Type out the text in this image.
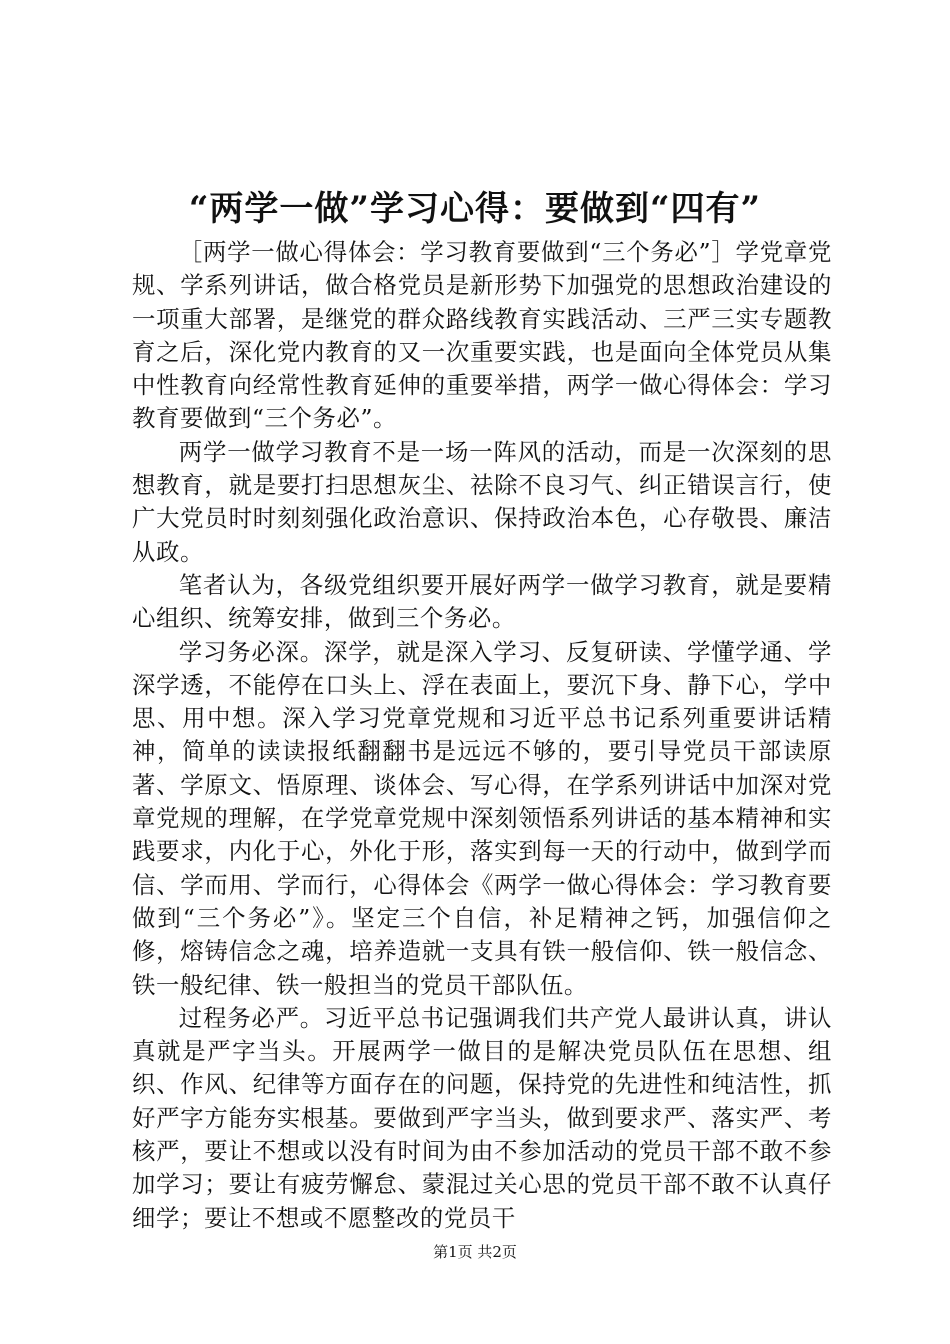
“两学一做”学习心得：要做到“四有”

［两学一做心得体会：学习教育要做到“三个务必”］学党章党规、学系列讲话，做合格党员是新形势下加强党的思想政治建设的一项重大部署，是继党的群众路线教育实践活动、三严三实专题教育之后，深化党内教育的又一次重要实践，也是面向全体党员从集中性教育向经常性教育延伸的重要举措，两学一做心得体会：学习教育要做到“三个务必”。

两学一做学习教育不是一场一阵风的活动，而是一次深刻的思想教育，就是要打扫思想灰尘、祛除不良习气、纠正错误言行，使广大党员时时刻刻强化政治意识、保持政治本色，心存敬畏、廉洁从政。

笔者认为，各级党组织要开展好两学一做学习教育，就是要精心组织、统筹安排，做到三个务必。

学习务必深。深学，就是深入学习、反复研读、学懂学通、学深学透，不能停在口头上、浮在表面上，要沉下身、静下心，学中思、用中想。深入学习党章党规和习近平总书记系列重要讲话精神，简单的读读报纸翻翻书是远远不够的，要引导党员干部读原著、学原文、悟原理、谈体会、写心得，在学系列讲话中加深对党章党规的理解，在学党章党规中深刻领悟系列讲话的基本精神和实践要求，内化于心，外化于形，落实到每一天的行动中，做到学而信、学而用、学而行，心得体会《两学一做心得体会：学习教育要做到“三个务必”》。坚定三个自信，补足精神之钙，加强信仰之修，熔铸信念之魂，培养造就一支具有铁一般信仰、铁一般信念、铁一般纪律、铁一般担当的党员干部队伍。

过程务必严。习近平总书记强调我们共产党人最讲认真，讲认真就是严字当头。开展两学一做目的是解决党员队伍在思想、组织、作风、纪律等方面存在的问题，保持党的先进性和纯洁性，抓好严字方能夯实根基。要做到严字当头，做到要求严、落实严、考核严，要让不想或以没有时间为由不参加活动的党员干部不敢不参加学习；要让有疲劳懈怠、蒙混过关心思的党员干部不敢不认真仔细学；要让不想或不愿整改的党员干

第1页 共2页
